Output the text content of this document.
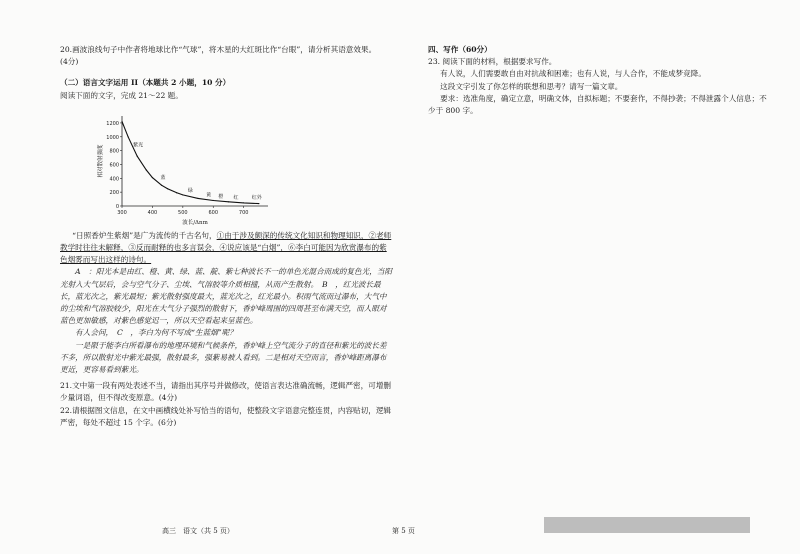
20.画波浪线句子中作者将地球比作“气球”，将木星的大红斑比作“台眼”，请分析其语意效果。

(4分)

（二）语言文字运用 II（本题共 2 小题，10 分）

阅读下面的文字，完成 21～22 题。

0
200
400
600
800
1000
1200
300	400	500	600	700
紫光
蓝
绿
黄 橙 红	红外
波长/Δnm
相对散射强度

“日照香炉生紫烟”是广为流传的千古名句，①由于涉及颇深的传统文化知识和物理知识，②老师教学时往往未解释，③反而耐释的也多言误会，④说应该是“白烟”，⑥李白可能因为欣赏瀑布的紫色烟雾而写出这样的诗句。

　　A　：阳光本是由红、橙、黄、绿、蓝、靛、紫七种波长不一的单色光混合而成的复色光，当阳光射入大气层后，会与空气分子、尘埃、气溶胶等介质相撞，从而产生散射。　B　，红光波长最长，蓝光次之，紫光最短；紫光散射强度最大，蓝光次之，红光最小。积雨气流而过瀑布，大气中的尘埃和气溶胶较少，阳光在大气分子强烈的散射下，香炉峰周围的四周甚至布满天空，而人眼对蓝色更加敏感，对紫色感觉迟一，所以天空看起来呈蓝色。

　　有人会问，　C　，李白为何不写成“生蓝烟”呢？

　　一是限于能李白所看瀑布的地理环境和气候条件，香炉峰上空气流分子的直径和紫光的波长差不多，所以散射光中紫光最强，散射最多，强紫易被人看到。二是相对天空而言，香炉峰距离瀑布更近，更容易看到紫光。

21.文中第一段有两处表述不当，请指出其序号并做修改，使语言表达准确流畅，逻辑严密，可增删少量词语，但不得改变原意。(4分)

22.请根据图文信息，在文中画横线处补写恰当的语句，使整段文字语意完整连贯，内容贴切，逻辑严密，每处不超过 15 个字。(6分)

四、写作（60分）

23. 阅读下面的材料，根据要求写作。

有人说，人们需要敢自由对抗战和困难；也有人说，与人合作，不能成梦竞降。

这段文字引发了你怎样的联想和思考？请写一篇文章。

要求：选准角度，确定立意，明确文体，自拟标题；不要套作，不得抄袭；不得泄露个人信息；不少于 800 字。

高三　语文（共 5 页）	第 5 页
